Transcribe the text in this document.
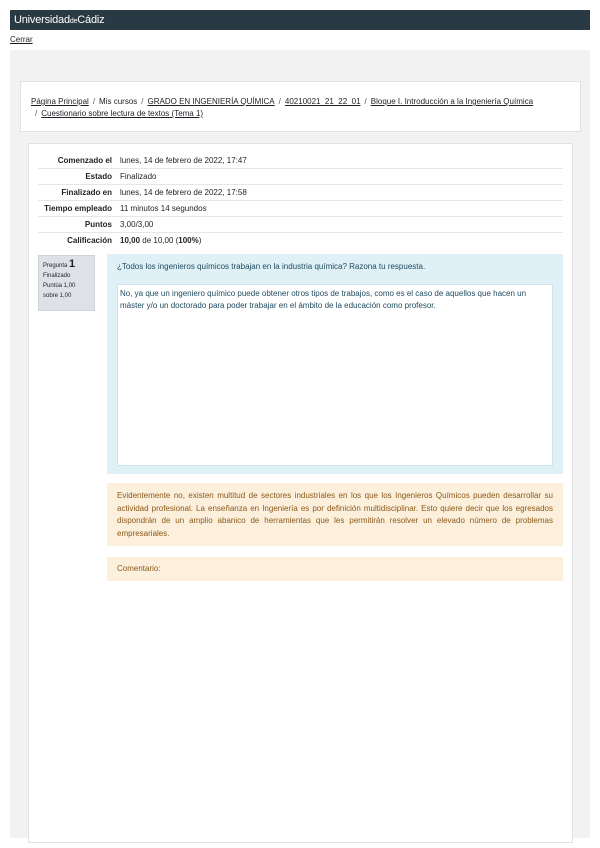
UniversidaddeCádiz
Cerrar
Página Principal / Mis cursos / GRADO EN INGENIERÍA QUÍMICA / 40210021_21_22_01 / Bloque I. Introducción a la Ingeniería Química
/ Cuestionario sobre lectura de textos (Tema 1)
Comenzado el	lunes, 14 de febrero de 2022, 17:47
Estado	Finalizado
Finalizado en	lunes, 14 de febrero de 2022, 17:58
Tiempo empleado	11 minutos 14 segundos
Puntos	3,00/3,00
Calificación	10,00 de 10,00 (100%)
Pregunta 1
Finalizado
Puntúa 1,00
sobre 1,00
¿Todos los ingenieros químicos trabajan en la industria química? Razona tu respuesta.
No, ya que un ingeniero químico puede obtener otros tipos de trabajos, como es el caso de aquellos que hacen un máster y/o un doctorado para poder trabajar en el ámbito de la educación como profesor.
Evidentemente no, existen multitud de sectores industriales en los que los Ingenieros Químicos pueden desarrollar su actividad profesional. La enseñanza en Ingeniería es por definición multidisciplinar. Esto quiere decir que los egresados dispondrán de un amplio abanico de herramientas que les permitirán resolver un elevado número de problemas empresariales.
Comentario:
